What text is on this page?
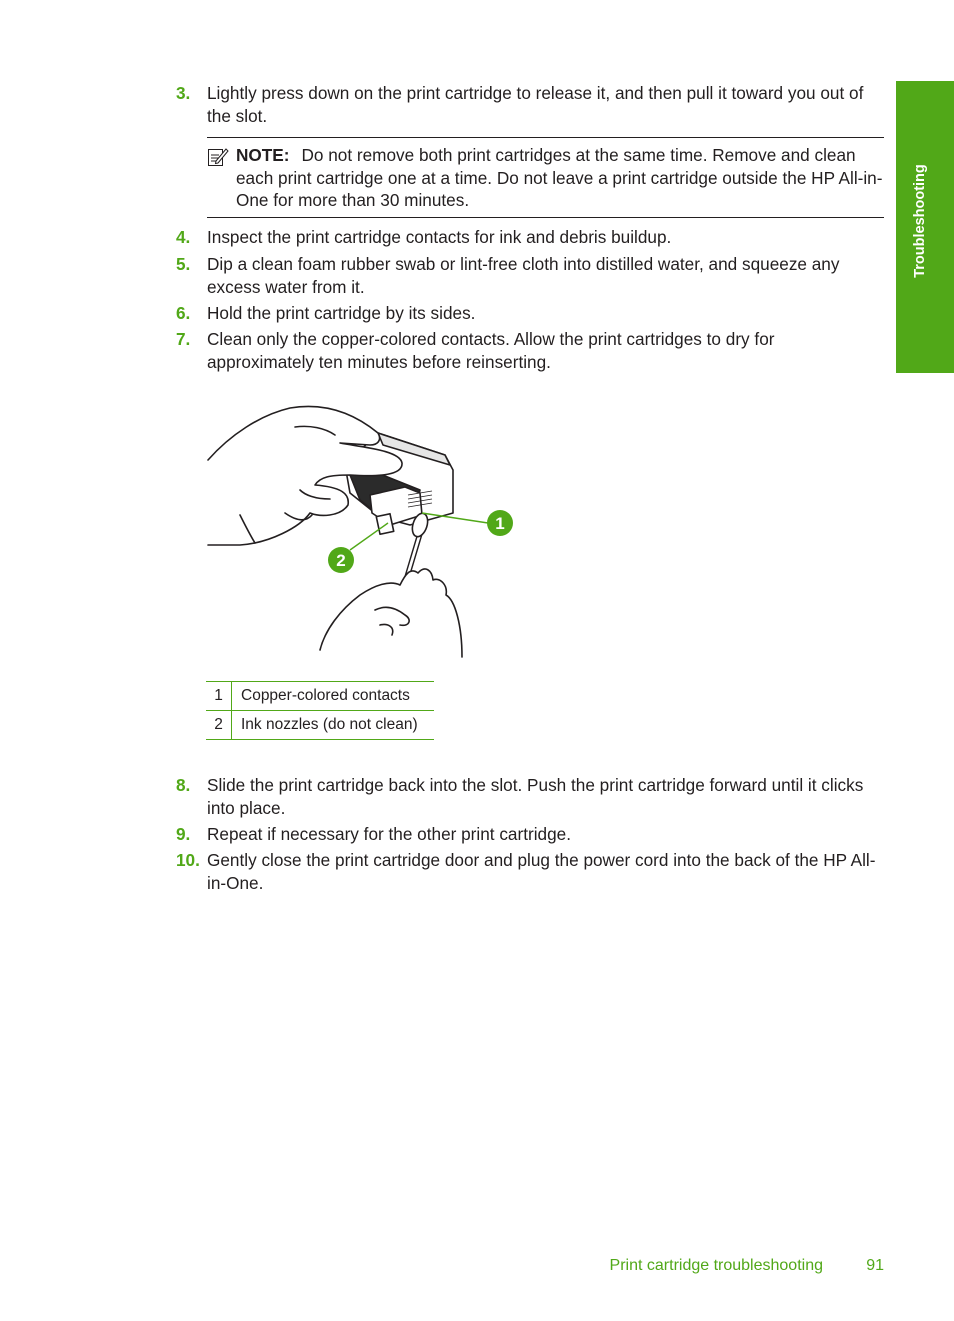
Troubleshooting
3. Lightly press down on the print cartridge to release it, and then pull it toward you out of the slot.
NOTE: Do not remove both print cartridges at the same time. Remove and clean each print cartridge one at a time. Do not leave a print cartridge outside the HP All-in-One for more than 30 minutes.
4. Inspect the print cartridge contacts for ink and debris buildup.
5. Dip a clean foam rubber swab or lint-free cloth into distilled water, and squeeze any excess water from it.
6. Hold the print cartridge by its sides.
7. Clean only the copper-colored contacts. Allow the print cartridges to dry for approximately ten minutes before reinserting.
1
2
1	Copper-colored contacts
2	Ink nozzles (do not clean)
8. Slide the print cartridge back into the slot. Push the print cartridge forward until it clicks into place.
9. Repeat if necessary for the other print cartridge.
10. Gently close the print cartridge door and plug the power cord into the back of the HP All-in-One.
Print cartridge troubleshooting	91
